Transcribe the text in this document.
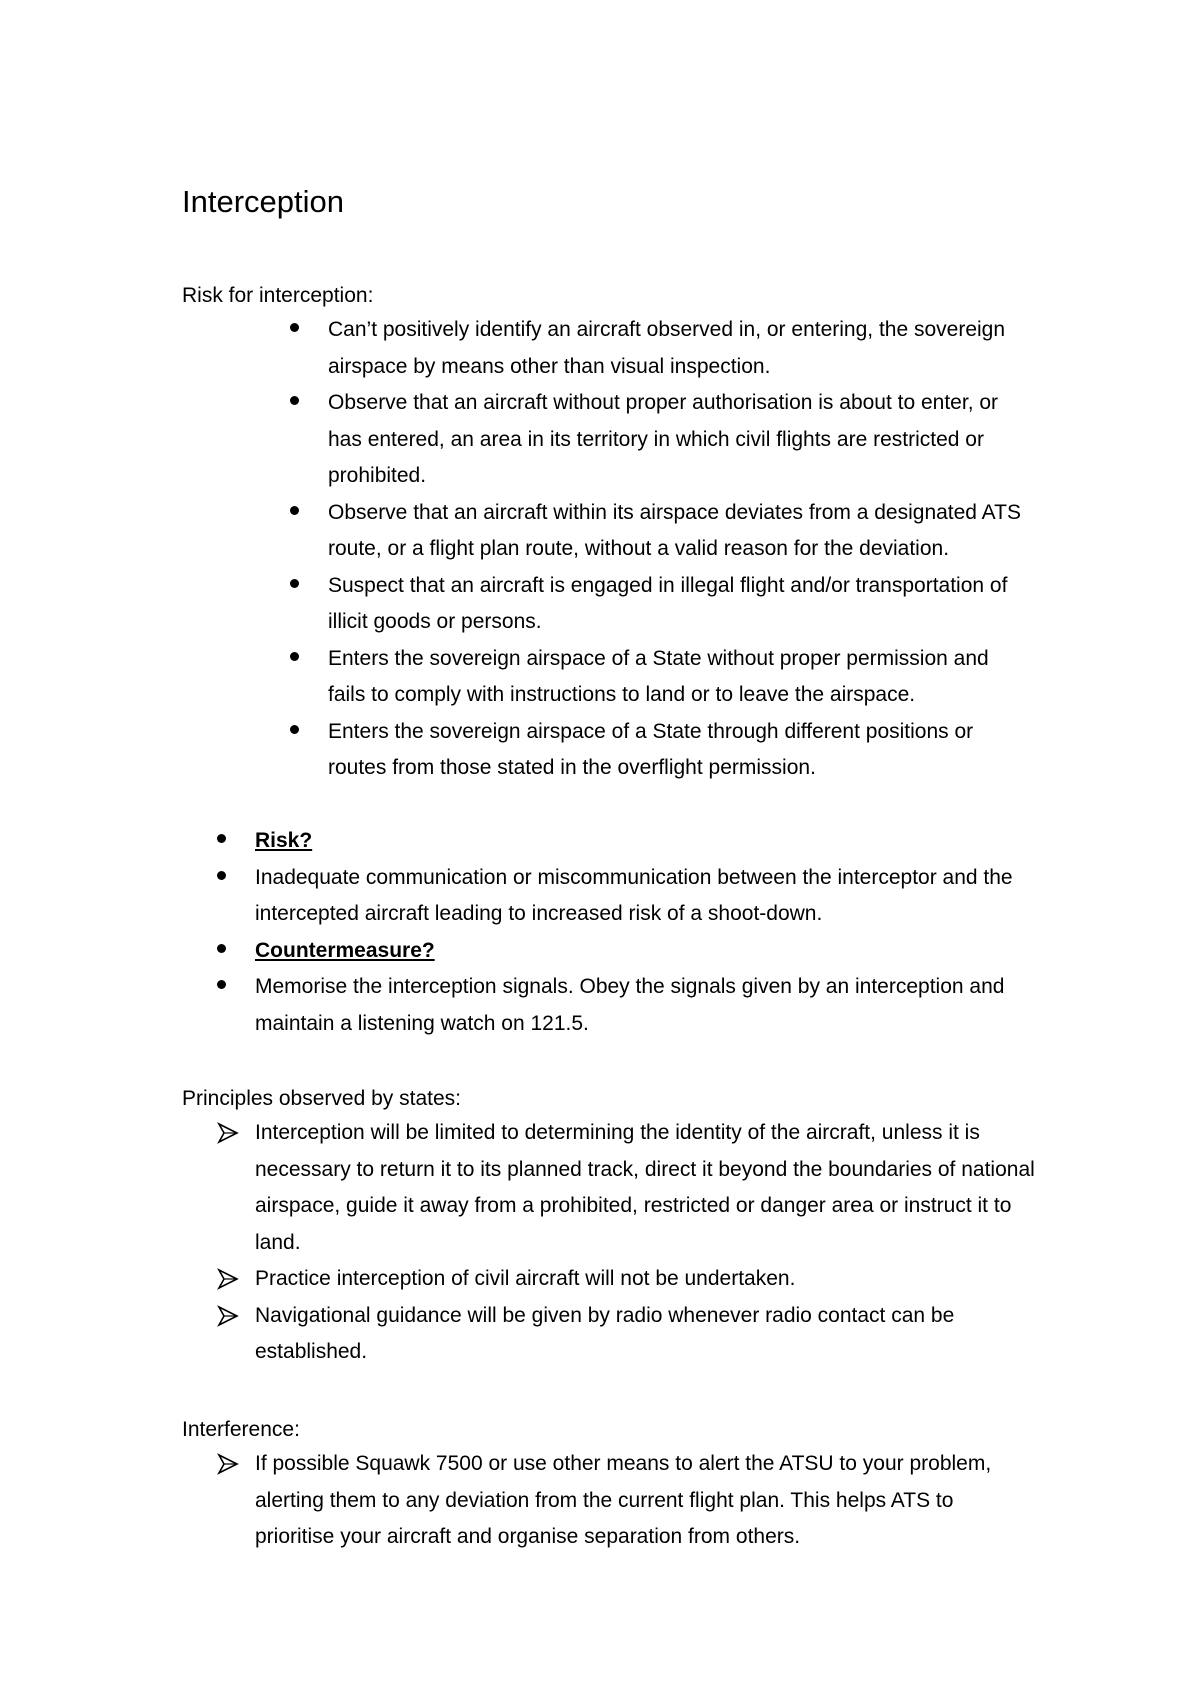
Interception

Risk for interception:

Can’t positively identify an aircraft observed in, or entering, the sovereign airspace by means other than visual inspection.
Observe that an aircraft without proper authorisation is about to enter, or has entered, an area in its territory in which civil flights are restricted or prohibited.
Observe that an aircraft within its airspace deviates from a designated ATS route, or a flight plan route, without a valid reason for the deviation.
Suspect that an aircraft is engaged in illegal flight and/or transportation of illicit goods or persons.
Enters the sovereign airspace of a State without proper permission and fails to comply with instructions to land or to leave the airspace.
Enters the sovereign airspace of a State through different positions or routes from those stated in the overflight permission.
Risk?
Inadequate communication or miscommunication between the interceptor and the intercepted aircraft leading to increased risk of a shoot-down.
Countermeasure?
Memorise the interception signals. Obey the signals given by an interception and maintain a listening watch on 121.5.

Principles observed by states:

Interception will be limited to determining the identity of the aircraft, unless it is necessary to return it to its planned track, direct it beyond the boundaries of national airspace, guide it away from a prohibited, restricted or danger area or instruct it to land.
Practice interception of civil aircraft will not be undertaken.
Navigational guidance will be given by radio whenever radio contact can be established.

Interference:

If possible Squawk 7500 or use other means to alert the ATSU to your problem, alerting them to any deviation from the current flight plan. This helps ATS to prioritise your aircraft and organise separation from others.
